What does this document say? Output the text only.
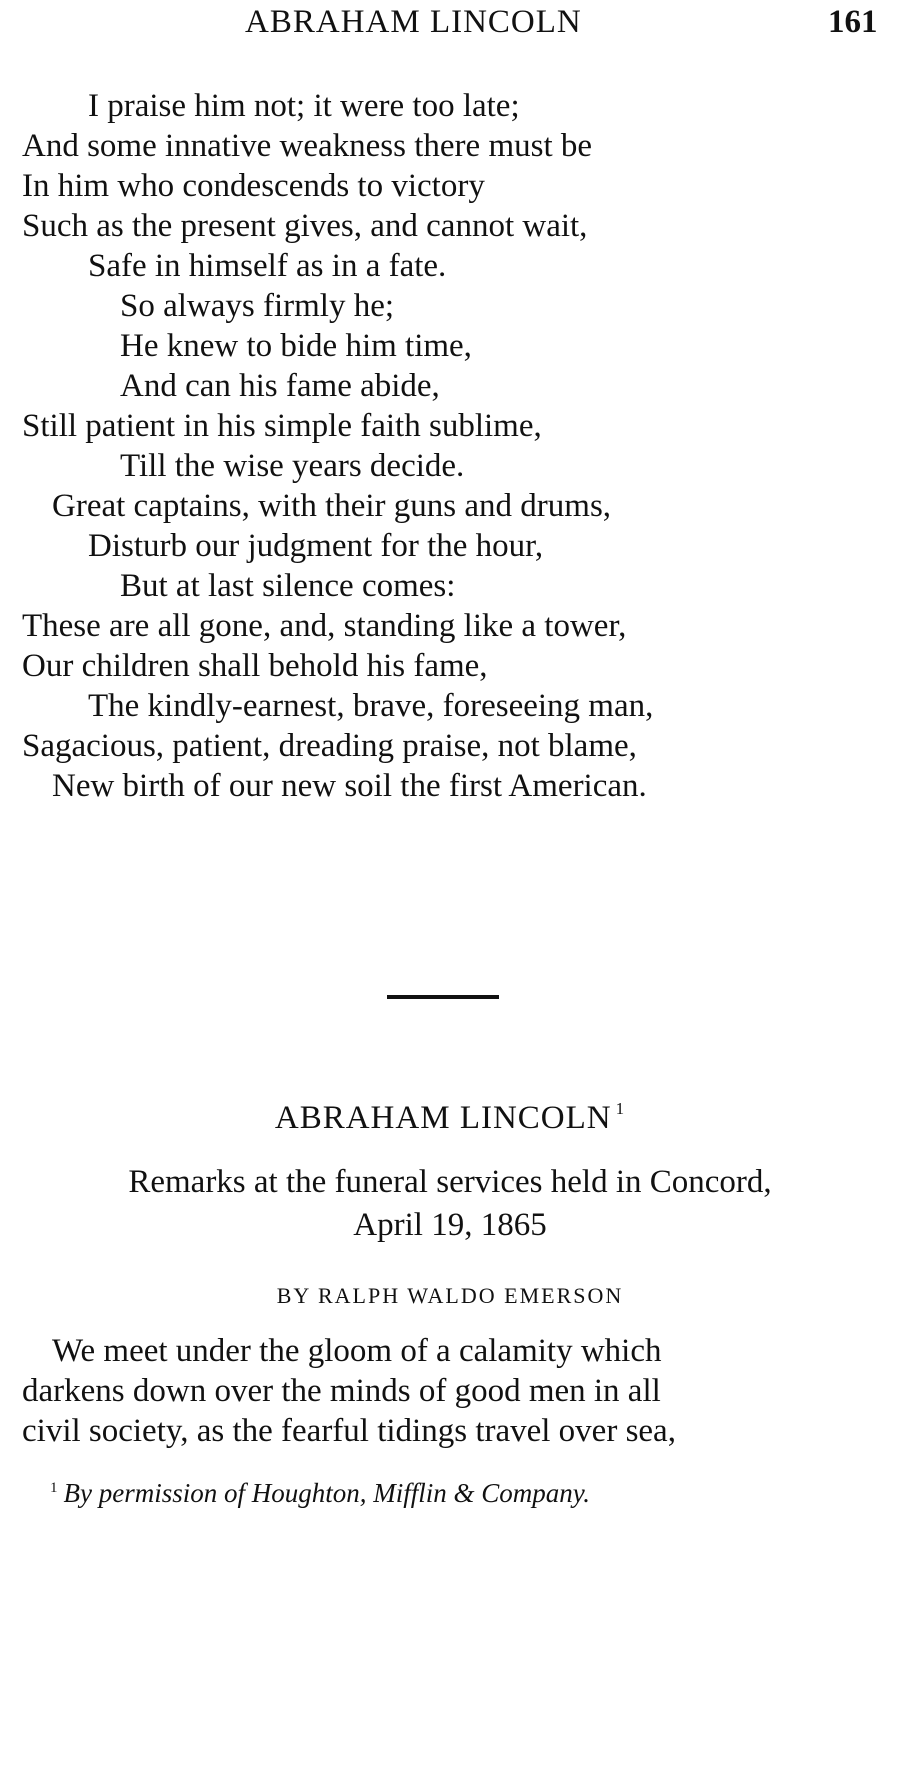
ABRAHAM LINCOLN	161
I praise him not; it were too late;
And some innative weakness there must be
In him who condescends to victory
Such as the present gives, and cannot wait,
Safe in himself as in a fate.
So always firmly he;
He knew to bide him time,
And can his fame abide,
Still patient in his simple faith sublime,
Till the wise years decide.
Great captains, with their guns and drums,
Disturb our judgment for the hour,
But at last silence comes:
These are all gone, and, standing like a tower,
Our children shall behold his fame,
The kindly-earnest, brave, foreseeing man,
Sagacious, patient, dreading praise, not blame,
New birth of our new soil the first American.
ABRAHAM LINCOLN $^1$
Remarks at the funeral services held in Concord,
April 19, 1865
BY RALPH WALDO EMERSON
We meet under the gloom of a calamity which
darkens down over the minds of good men in all
civil society, as the fearful tidings travel over sea,
$^1$ By permission of Houghton, Mifflin & Company.
